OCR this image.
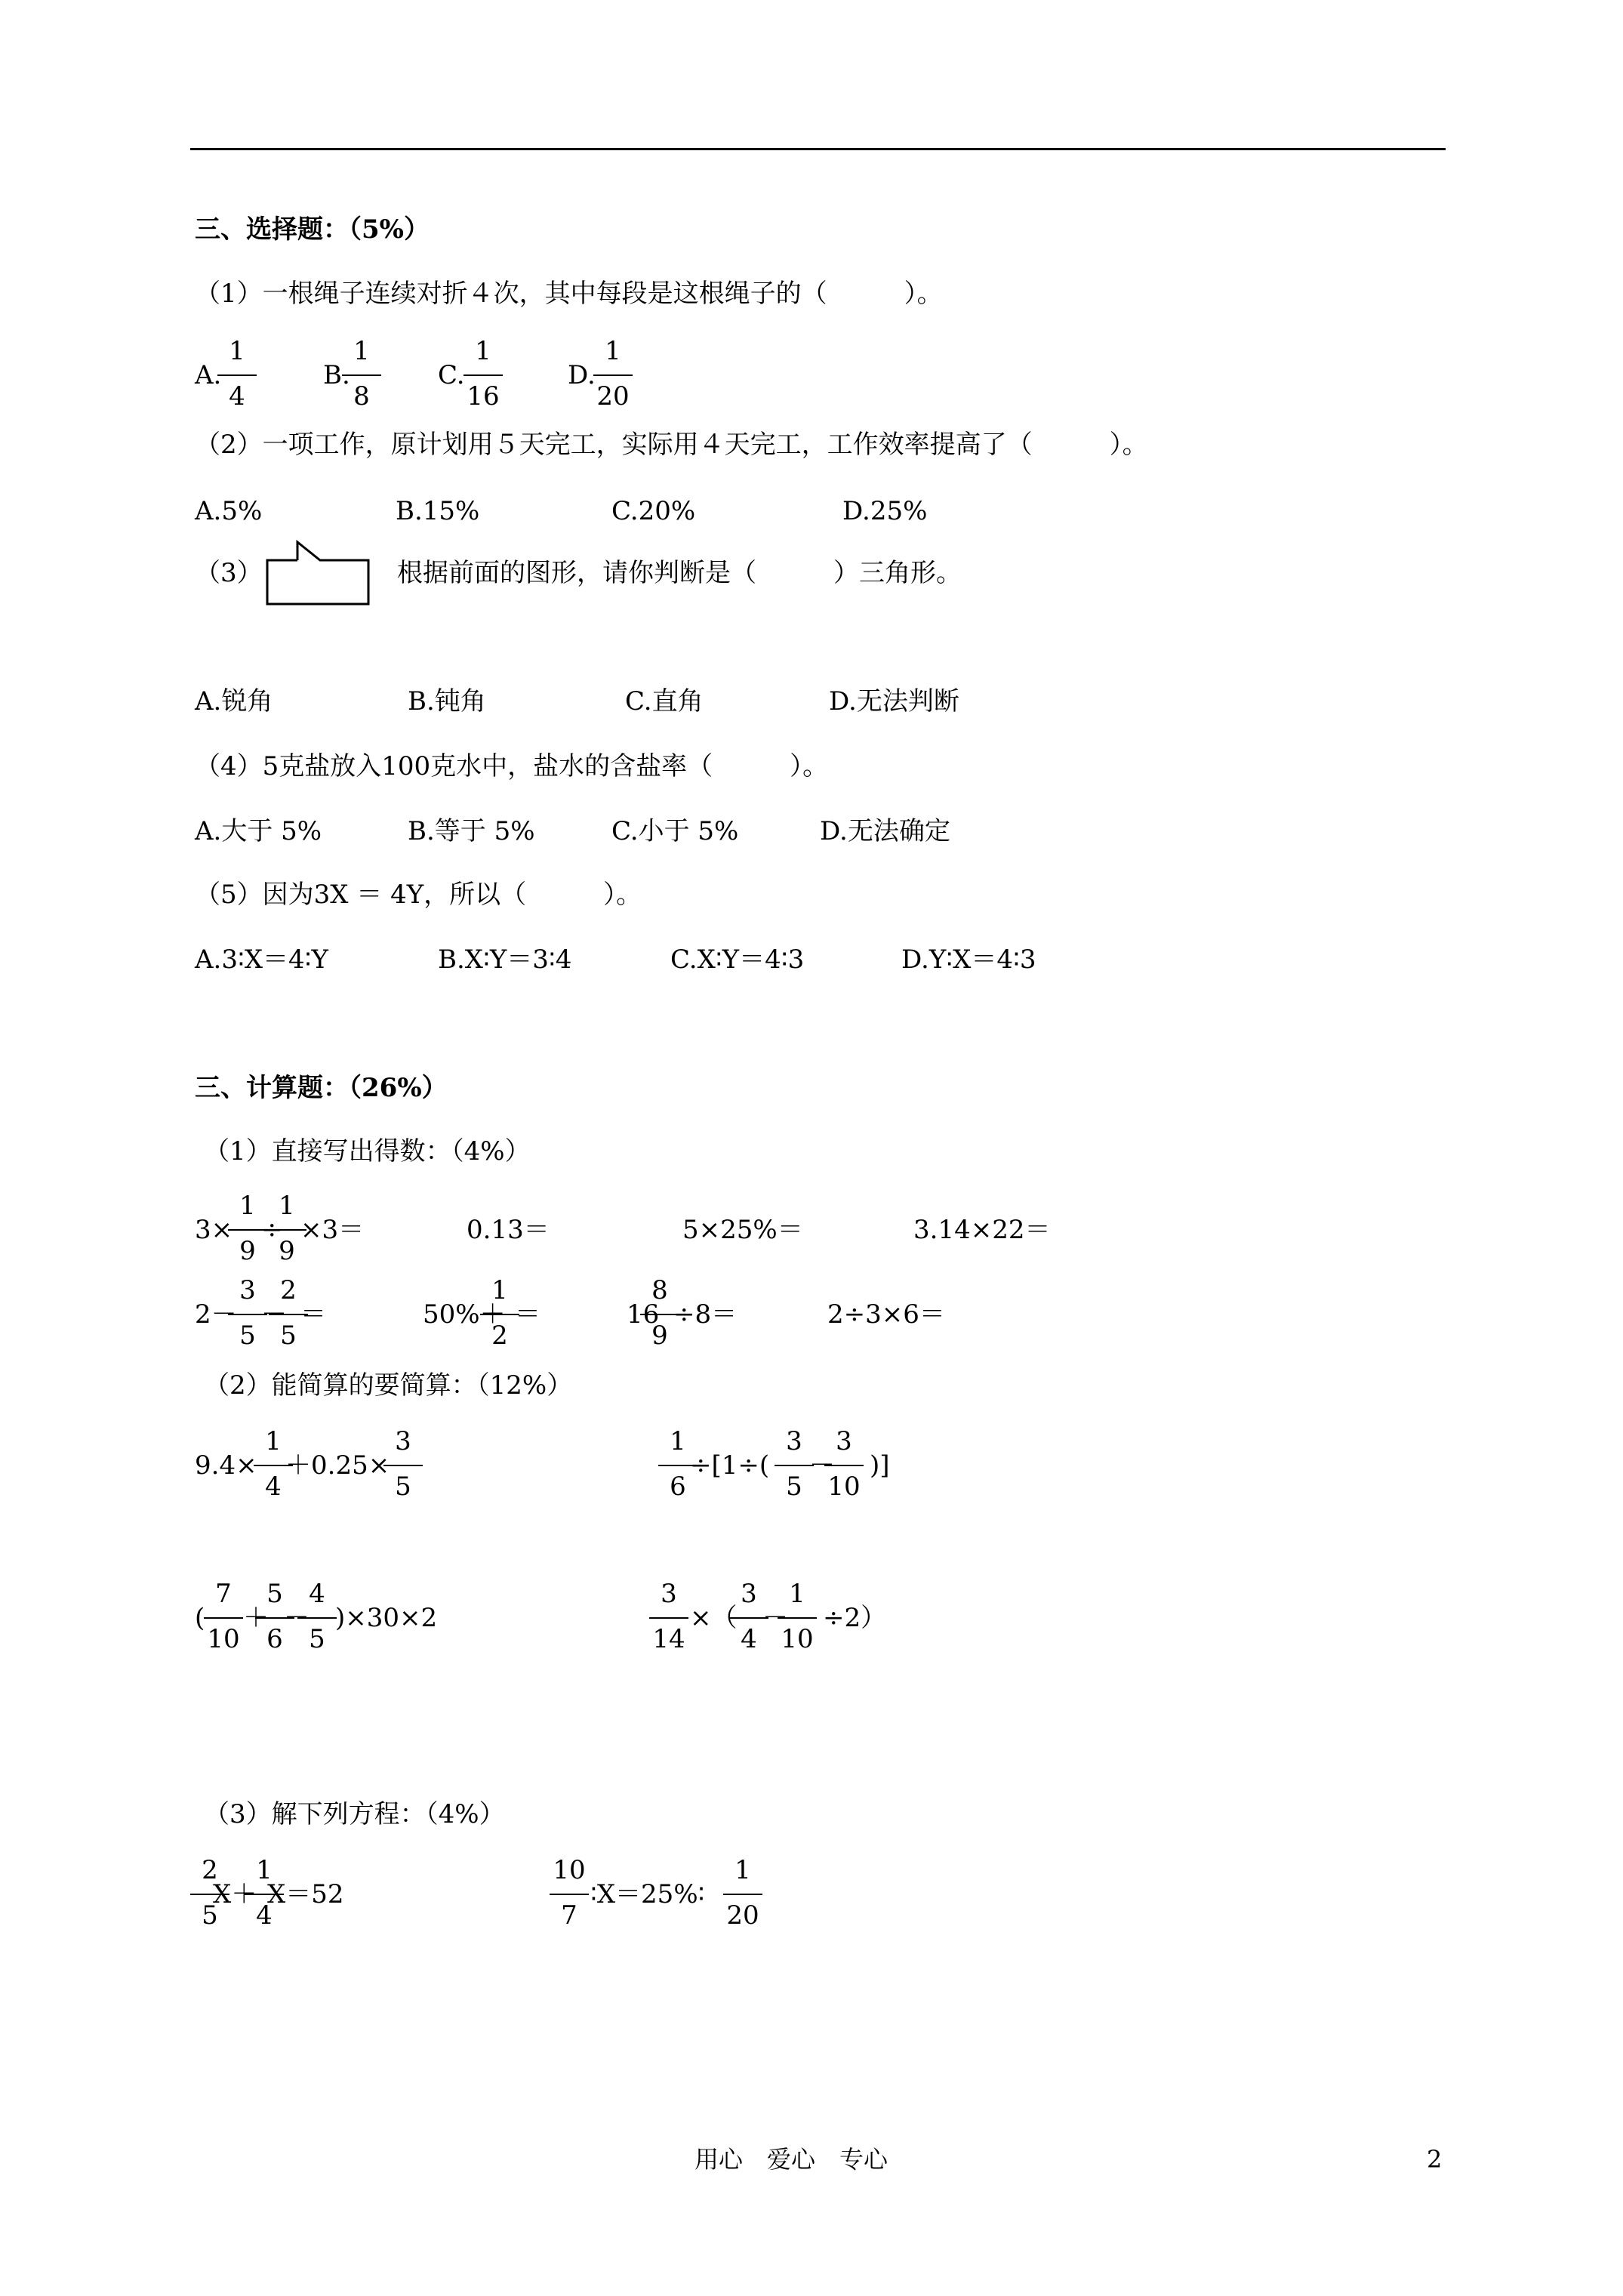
三、选择题：（5%）
（1）一根绳子连续对折４次，其中每段是这根绳子的（　　　）。
A.
1
4
B.
1
8
C.
1
16
D.
1
20
（2）一项工作，原计划用５天完工，实际用４天完工，工作效率提高了（　　　）。
A.5%	B.15%	C.20%	D.25%
（3）	根据前面的图形，请你判断是（　　　）三角形。
A.锐角	B.钝角	C.直角	D.无法判断
（4）5克盐放入100克水中，盐水的含盐率（　　　）。
A.大于 5%	B.等于 5%	C.小于 5%	D.无法确定
（5）因为3X ＝ 4Y，所以（　　　）。
A.3∶X＝4∶Y	B.X∶Y＝3∶4	C.X∶Y＝4∶3	D.Y∶X＝4∶3
三、计算题：（26%）
（1）直接写出得数：（4%）
3×
1
9
÷
1
9
×3＝	0.13＝	5×25%＝	3.14×22＝
2－
3
5
－
2
5
＝	50%＋
1
2
＝	16
8
9
÷8＝	2÷3×6＝
（2）能简算的要简算：（12%）
9.4×
1
4
＋0.25×
3
5
1
6
÷[1÷(
3
5
－
3
10
)]
(
7
10
＋
5
6
－
4
5
)×30×2
3
14
×（
3
4
－
1
10
÷2）
（3）解下列方程：（4%）
2
5
X＋
1
4
X＝52
10
7
∶X＝25%∶
1
20
用心　爱心　专心	2
